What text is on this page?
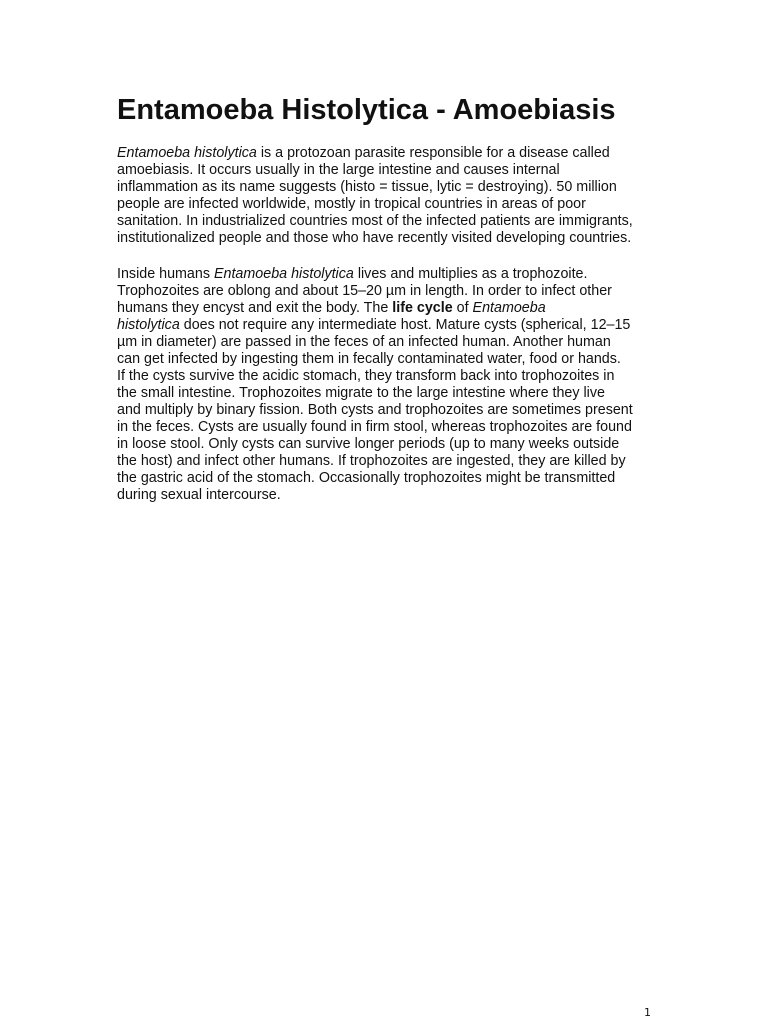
Entamoeba Histolytica - Amoebiasis

Entamoeba histolytica is a protozoan parasite responsible for a disease called
amoebiasis. It occurs usually in the large intestine and causes internal
inflammation as its name suggests (histo = tissue, lytic = destroying). 50 million
people are infected worldwide, mostly in tropical countries in areas of poor
sanitation. In industrialized countries most of the infected patients are immigrants,
institutionalized people and those who have recently visited developing countries.

Inside humans Entamoeba histolytica lives and multiplies as a trophozoite.
Trophozoites are oblong and about 15–20 µm in length. In order to infect other
humans they encyst and exit the body. The life cycle of Entamoeba
histolytica does not require any intermediate host. Mature cysts (spherical, 12–15
µm in diameter) are passed in the feces of an infected human. Another human
can get infected by ingesting them in fecally contaminated water, food or hands.
If the cysts survive the acidic stomach, they transform back into trophozoites in
the small intestine. Trophozoites migrate to the large intestine where they live
and multiply by binary fission. Both cysts and trophozoites are sometimes present
in the feces. Cysts are usually found in firm stool, whereas trophozoites are found
in loose stool. Only cysts can survive longer periods (up to many weeks outside
the host) and infect other humans. If trophozoites are ingested, they are killed by
the gastric acid of the stomach. Occasionally trophozoites might be transmitted
during sexual intercourse.

1
